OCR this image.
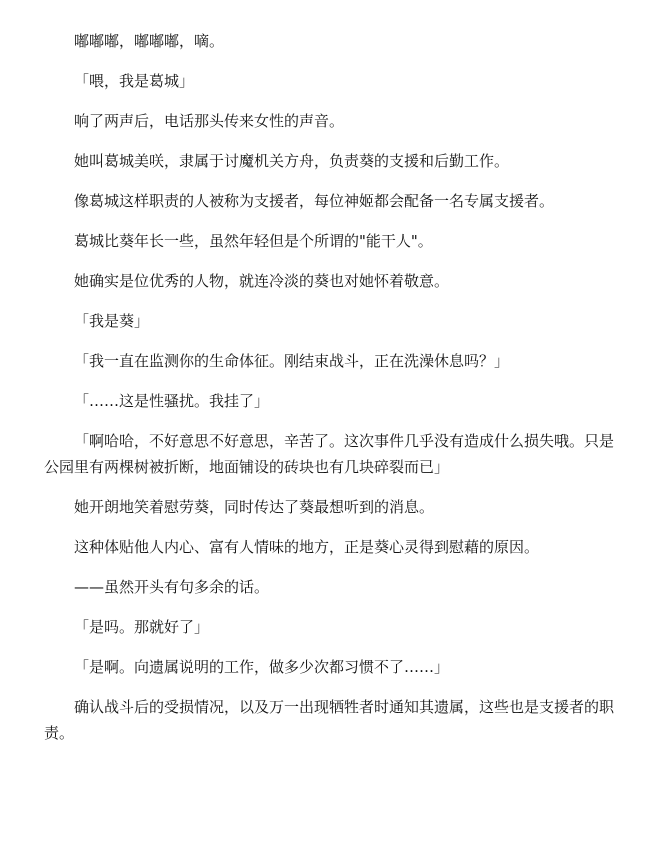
嘟嘟嘟，嘟嘟嘟，嘀。

「喂，我是葛城」

响了两声后，电话那头传来女性的声音。

她叫葛城美咲，隶属于讨魔机关方舟，负责葵的支援和后勤工作。

像葛城这样职责的人被称为支援者，每位神姬都会配备一名专属支援者。

葛城比葵年长一些，虽然年轻但是个所谓的"能干人"。

她确实是位优秀的人物，就连冷淡的葵也对她怀着敬意。

「我是葵」

「我一直在监测你的生命体征。刚结束战斗，正在洗澡休息吗？」

「……这是性骚扰。我挂了」

「啊哈哈，不好意思不好意思，辛苦了。这次事件几乎没有造成什么损失哦。只是公园里有两棵树被折断，地面铺设的砖块也有几块碎裂而已」

她开朗地笑着慰劳葵，同时传达了葵最想听到的消息。

这种体贴他人内心、富有人情味的地方，正是葵心灵得到慰藉的原因。

——虽然开头有句多余的话。

「是吗。那就好了」

「是啊。向遗属说明的工作，做多少次都习惯不了……」

确认战斗后的受损情况，以及万一出现牺牲者时通知其遗属，这些也是支援者的职责。
